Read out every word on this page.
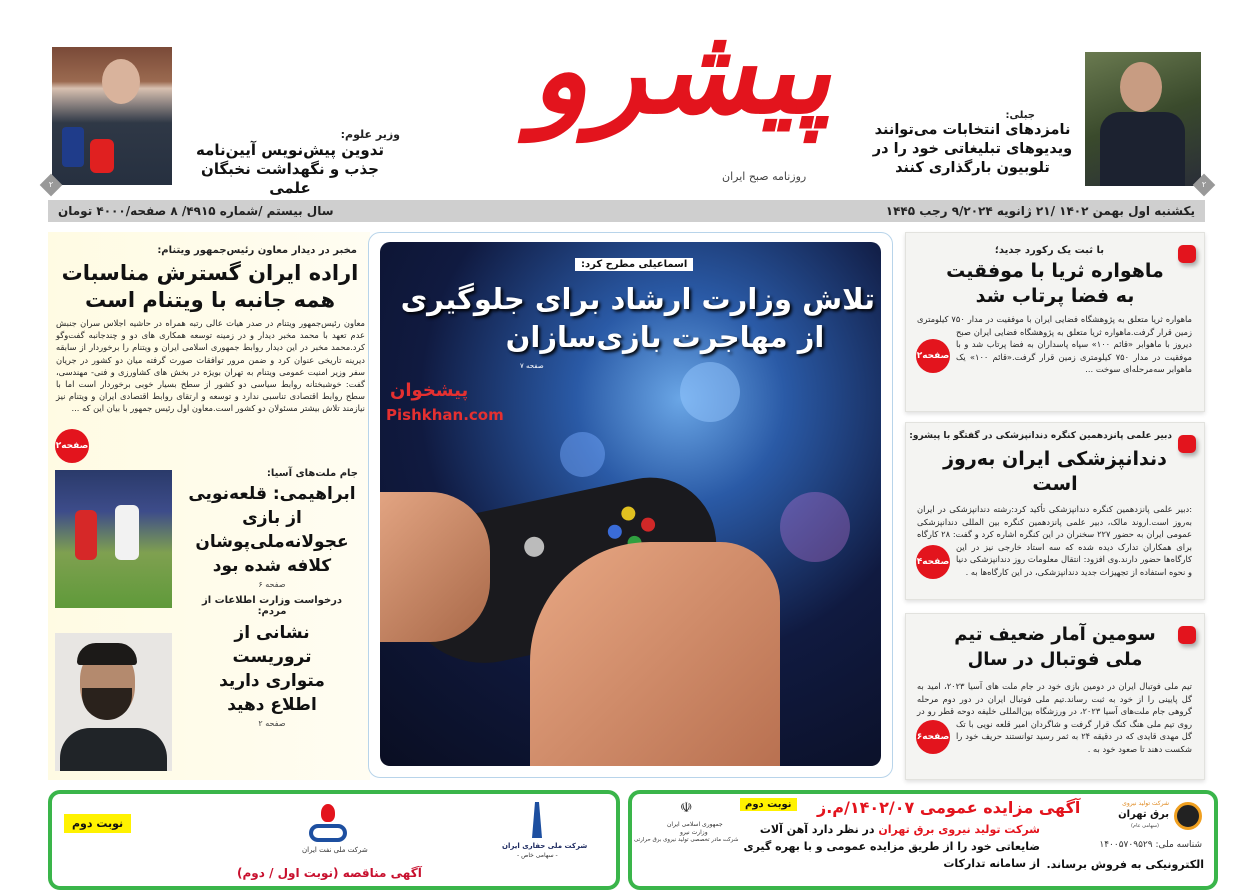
۲
وزیر علوم:
تدوین پیش‌نویس آیین‌نامه جذب و نگهداشت نخبگان علمی
پیشرو
روزنامه صبح ایران
جبلی:
نامزدهای انتخابات می‌توانند ویدیوهای تبلیغاتی خود را در تلوبیون بارگذاری کنند
۲
یکشنبه اول بهمن ۱۴۰۲ /۲۱ ژانویه ۹/۲۰۲۴ رجب ۱۴۴۵
سال بیستم /شماره ۴۹۱۵/ ۸ صفحه/۴۰۰۰ تومان
مخبر در دیدار معاون رئیس‌جمهور ویتنام:
اراده ایران گسترش مناسبات همه جانبه با ویتنام است
صفحه۲
معاون رئیس‌جمهور ویتنام در صدر هیات عالی رتبه همراه در حاشیه اجلاس سران جنبش عدم تعهد با محمد مخبر دیدار و در زمینه توسعه همکاری های دو و چندجانبه گفت‌وگو کرد.محمد مخبر در این دیدار روابط جمهوری اسلامی ایران و ویتنام را برخوردار از سابقه دیرینه تاریخی عنوان کرد و ضمن مرور توافقات صورت گرفته میان دو کشور در جریان سفر وزیر امنیت عمومی ویتنام به تهران بویژه در بخش های کشاورزی و فنی- مهندسی، گفت: خوشبختانه روابط سیاسی دو کشور از سطح بسیار خوبی برخوردار است اما با سطح روابط اقتصادی تناسبی ندارد و توسعه و ارتقای روابط اقتصادی ایران و ویتنام نیز نیازمند تلاش بیشتر مسئولان دو کشور است.معاون اول رئیس جمهور با بیان این که ...
جام ملت‌های آسیا:
ابراهیمی: قلعه‌نویی از بازی عجولانه‌ملی‌پوشان کلافه شده بود
صفحه ۶
درخواست وزارت اطلاعات از مردم:
نشانی از تروریست متواری دارید اطلاع دهید
صفحه ۲
اسماعیلی مطرح کرد:
تلاش وزارت ارشاد برای جلوگیری
از مهاجرت بازی‌سازان
پیشخوان
Pishkhan.com
صفحه ۷
با ثبت یک رکورد جدید؛
ماهواره ثریا با موفقیت به فضا پرتاب شد
صفحه۲
ماهواره ثریا متعلق به پژوهشگاه فضایی ایران با موفقیت در مدار ۷۵۰ کیلومتری زمین قرار گرفت.ماهواره ثریا متعلق به پژوهشگاه فضایی ایران صبح دیروز با ماهوابر «قائم ۱۰۰» سپاه پاسداران به فضا پرتاب شد و با موفقیت در مدار ۷۵۰ کیلومتری زمین قرار گرفت.«قائم ۱۰۰» یک ماهوابر سه‌مرحله‌ای سوخت ...
دبیر علمی پانزدهمین کنگره دندانپزشکی در گفتگو با پیشرو:
دندانپزشکی ایران به‌روز است
صفحه۴
:دبیر علمی پانزدهمین کنگره دندانپزشکی تأکید کرد:رشته دندانپزشکی در ایران به‌روز است.اروند مالک، دبیر علمی پانزدهمین کنگره بین المللی دندانپزشکی عمومی ایران به حضور ۲۲۷ سخنران در این کنگره اشاره کرد و گفت: ۲۸ کارگاه برای همکاران تدارک دیده شده که سه استاد خارجی نیز در این کارگاه‌ها حضور دارند.وی افزود: انتقال معلومات روز دندانپزشکی دنیا و نحوه استفاده از تجهیزات جدید دندانپزشکی، در این کارگاه‌ها به .
سومین آمار ضعیف تیم ملی فوتبال در سال
صفحه۶
تیم ملی فوتبال ایران در دومین بازی خود در جام ملت های آسیا ۲۰۲۳، امید به گل پایینی را از خود به ثبت رساند.تیم ملی فوتبال ایران در دور دوم مرحله گروهی جام ملت‌های آسیا ۲۰۲۳، در ورزشگاه بین‌المللی خلیفه دوحه قطر رو در روی تیم ملی هنگ کنگ قرار گرفت و شاگردان امیر قلعه نویی با تک گل مهدی قایدی که در دقیقه ۲۴ به ثمر رسید توانستند حریف خود را شکست دهند تا صعود خود به .
نوبت دوم
شرکت ملی نفت ایران
آگهی مناقصه (نوبت اول / دوم)
شرکت ملی حفاری ایران
- سهامی خاص -
☫
جمهوری اسلامی ایران
وزارت نیرو
شرکت مادر تخصصی تولید نیروی برق حرارتی
نوبت دوم	آگهی مزایده عمومی ۱۴۰۲/۰۷/م.ز
شرکت تولید نیروی برق تهران در نظر دارد آهن آلات ضایعاتی خود را از طریق مزایده عمومی و با بهره گیری از سامانه تدارکات الکترونیکی به فروش برساند.
شرکت تولید نیروی
برق تهران
(سهامی عام)
شناسه ملی: ۱۴۰۰۵۷۰۹۵۲۹
